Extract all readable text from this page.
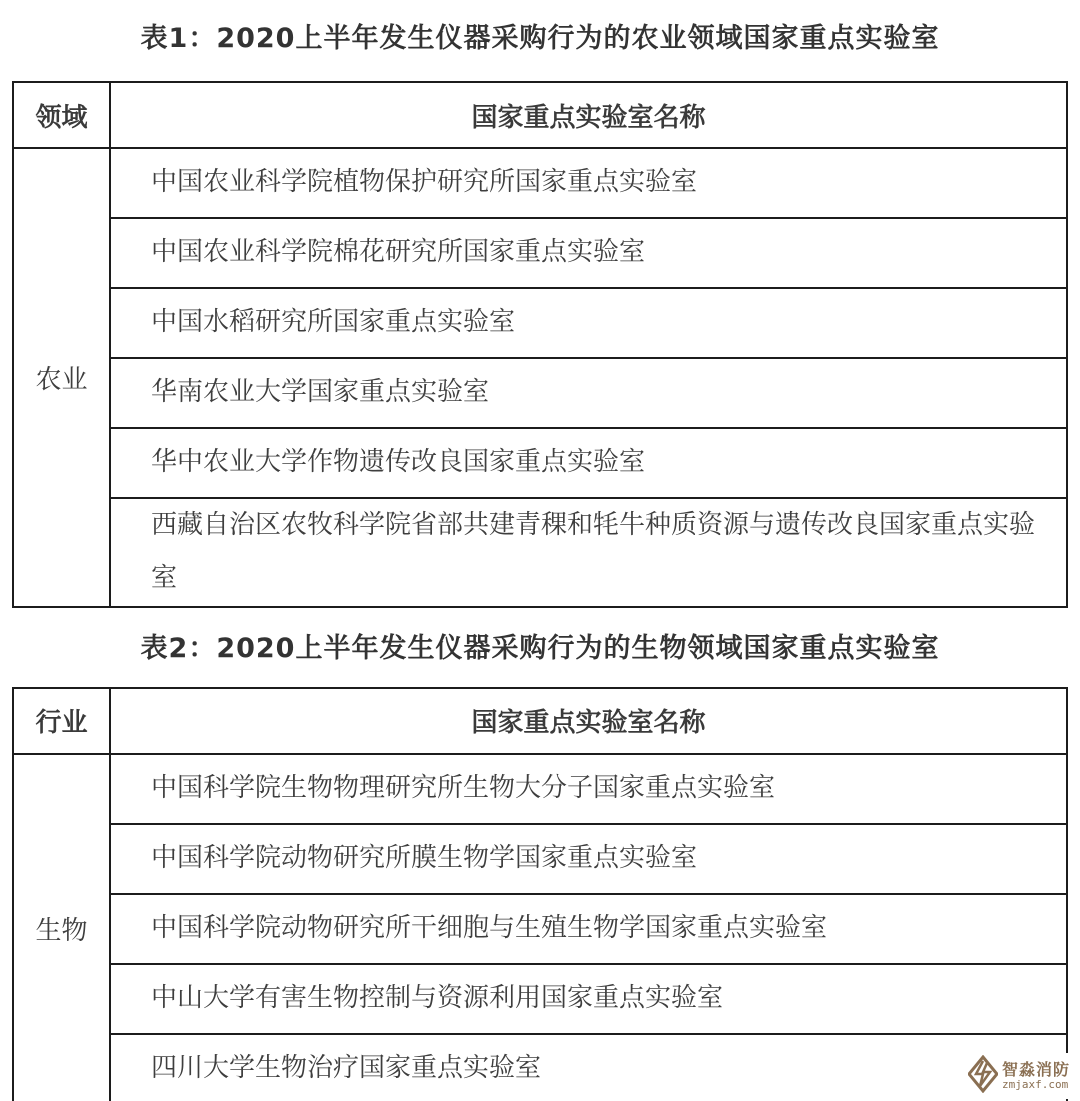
表1：2020上半年发生仪器采购行为的农业领域国家重点实验室
领域	国家重点实验室名称
农业	中国农业科学院植物保护研究所国家重点实验室
	中国农业科学院棉花研究所国家重点实验室
	中国水稻研究所国家重点实验室
	华南农业大学国家重点实验室
	华中农业大学作物遗传改良国家重点实验室
	西藏自治区农牧科学院省部共建青稞和牦牛种质资源与遗传改良国家重点实验室
表2：2020上半年发生仪器采购行为的生物领域国家重点实验室
行业	国家重点实验室名称
生物	中国科学院生物物理研究所生物大分子国家重点实验室
	中国科学院动物研究所膜生物学国家重点实验室
	中国科学院动物研究所干细胞与生殖生物学国家重点实验室
	中山大学有害生物控制与资源利用国家重点实验室
	四川大学生物治疗国家重点实验室	智淼消防
zmjaxf.com
